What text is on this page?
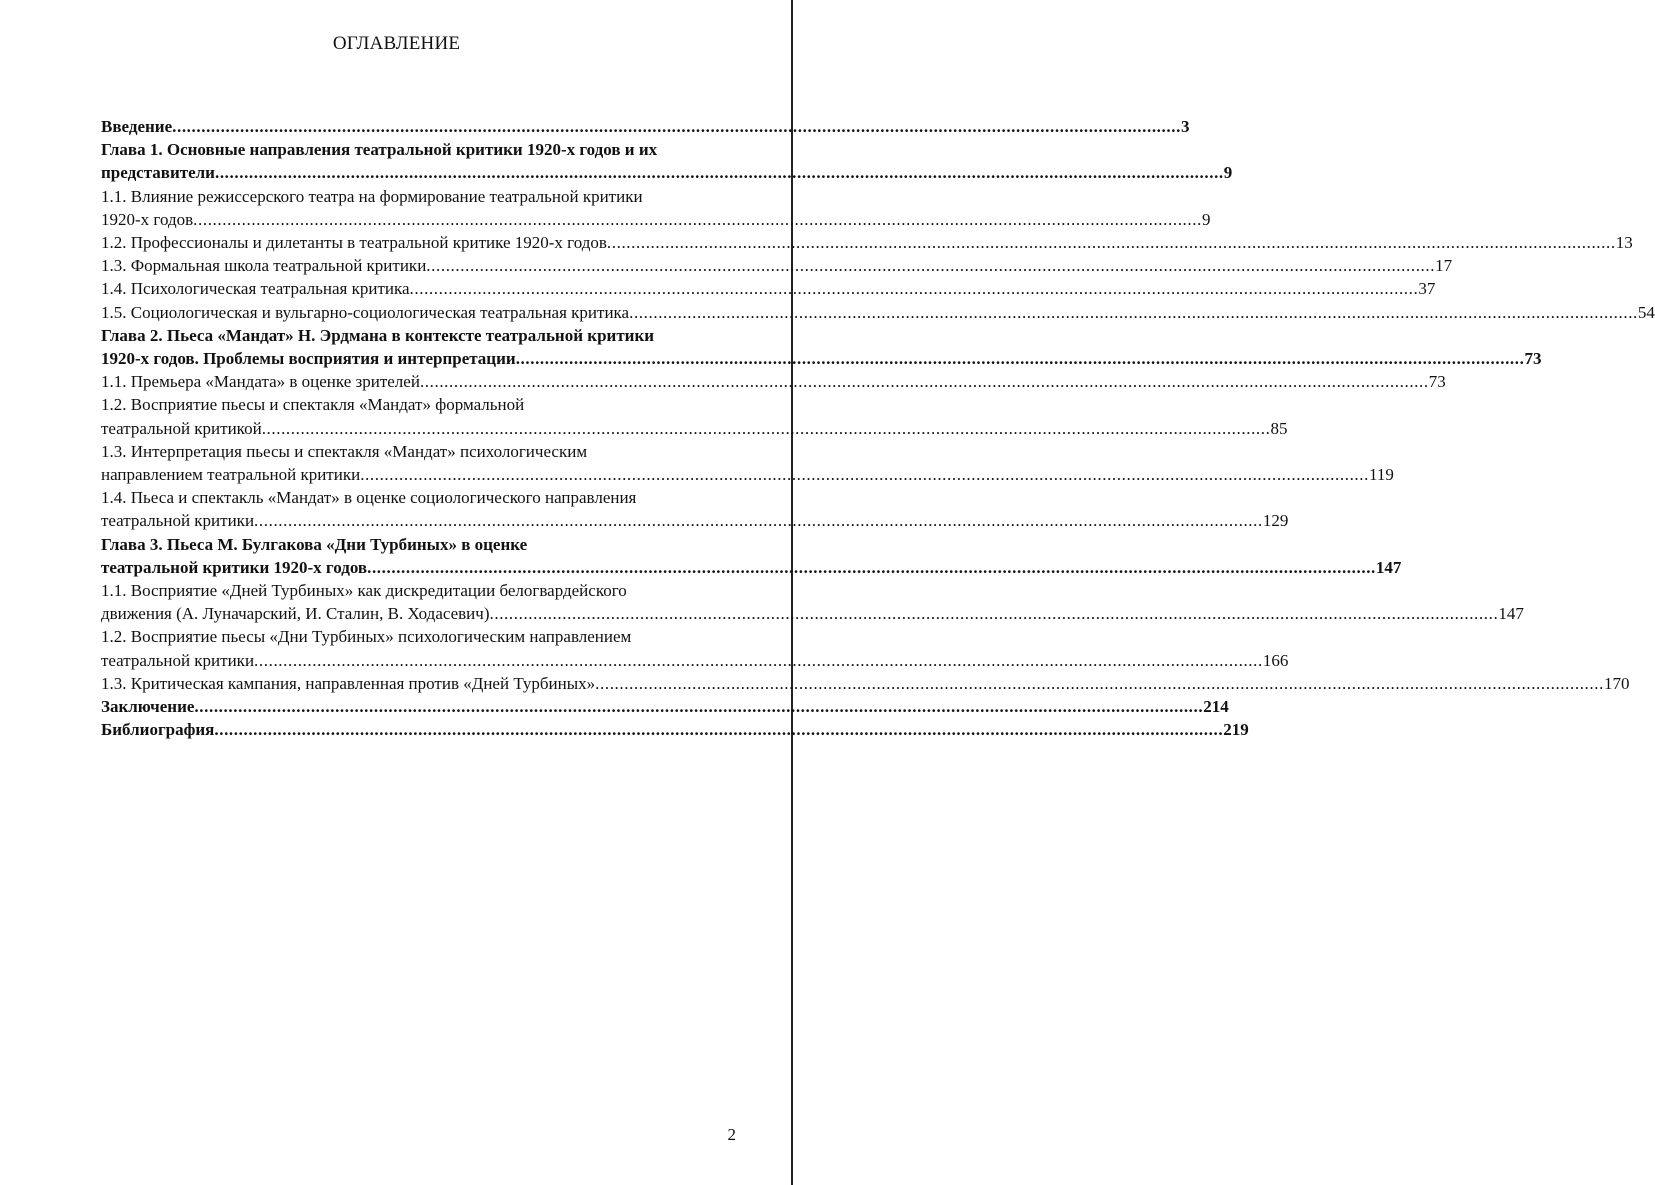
ОГЛАВЛЕНИЕ
Введение ................................................................................................................................................................................................................ 3
Глава 1. Основные направления театральной критики 1920-х годов и их
представители ................................................................................................................................................................................................................ 9
1.1. Влияние режиссерского театра на формирование театральной критики
1920-х годов ................................................................................................................................................................................................................ 9
1.2. Профессионалы и дилетанты в театральной критике 1920-х годов ................................................................................................................................................................................................................ 13
1.3. Формальная школа театральной критики ................................................................................................................................................................................................................ 17
1.4. Психологическая театральная критика ................................................................................................................................................................................................................ 37
1.5. Социологическая и вульгарно-социологическая театральная критика ................................................................................................................................................................................................................ 54
Глава 2. Пьеса «Мандат» Н. Эрдмана в контексте театральной критики
1920-х годов. Проблемы восприятия и интерпретации ................................................................................................................................................................................................................ 73
1.1. Премьера «Мандата» в оценке зрителей ................................................................................................................................................................................................................ 73
1.2. Восприятие пьесы и спектакля «Мандат» формальной
театральной критикой ................................................................................................................................................................................................................ 85
1.3. Интерпретация пьесы и спектакля «Мандат» психологическим
направлением театральной критики ................................................................................................................................................................................................................ 119
1.4. Пьеса и спектакль «Мандат» в оценке социологического направления
театральной критики ................................................................................................................................................................................................................ 129
Глава 3. Пьеса М. Булгакова «Дни Турбиных» в оценке
театральной критики 1920-х годов ................................................................................................................................................................................................................ 147
1.1. Восприятие «Дней Турбиных» как дискредитации белогвардейского
движения (А. Луначарский, И. Сталин, В. Ходасевич) ................................................................................................................................................................................................................ 147
1.2. Восприятие пьесы «Дни Турбиных» психологическим направлением
театральной критики ................................................................................................................................................................................................................ 166
1.3. Критическая кампания, направленная против «Дней Турбиных» ................................................................................................................................................................................................................ 170
Заключение ................................................................................................................................................................................................................ 214
Библиография ................................................................................................................................................................................................................ 219
2
